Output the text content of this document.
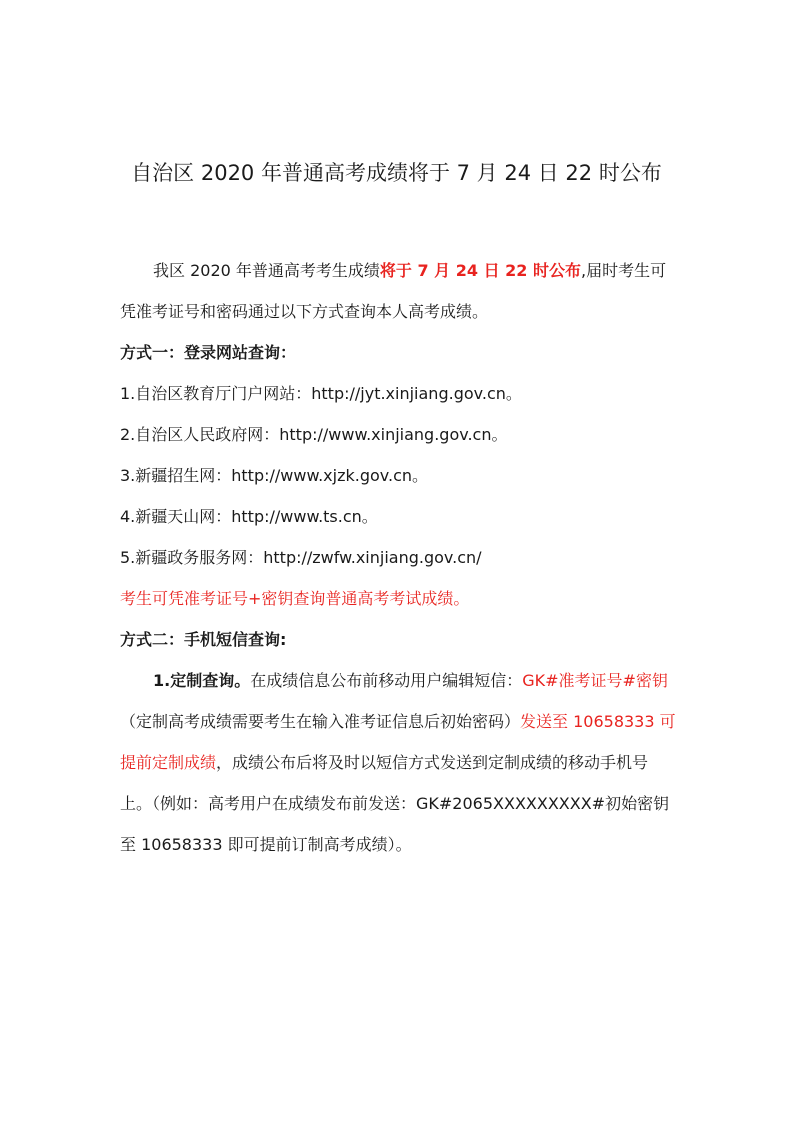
自治区 2020 年普通高考成绩将于 7 月 24 日 22 时公布

我区 2020 年普通高考考生成绩将于 7 月 24 日 22 时公布,届时考生可凭准考证号和密码通过以下方式查询本人高考成绩。

方式一：登录网站查询：

1.自治区教育厅门户网站：http://jyt.xinjiang.gov.cn。

2.自治区人民政府网：http://www.xinjiang.gov.cn。

3.新疆招生网：http://www.xjzk.gov.cn。

4.新疆天山网：http://www.ts.cn。

5.新疆政务服务网：http://zwfw.xinjiang.gov.cn/

考生可凭准考证号+密钥查询普通高考考试成绩。

方式二：手机短信查询:

1.定制查询。在成绩信息公布前移动用户编辑短信：GK#准考证号#密钥（定制高考成绩需要考生在输入准考证信息后初始密码）发送至 10658333 可提前定制成绩，成绩公布后将及时以短信方式发送到定制成绩的移动手机号上。（例如：高考用户在成绩发布前发送：GK#2065XXXXXXXXX#初始密钥至 10658333 即可提前订制高考成绩）。
